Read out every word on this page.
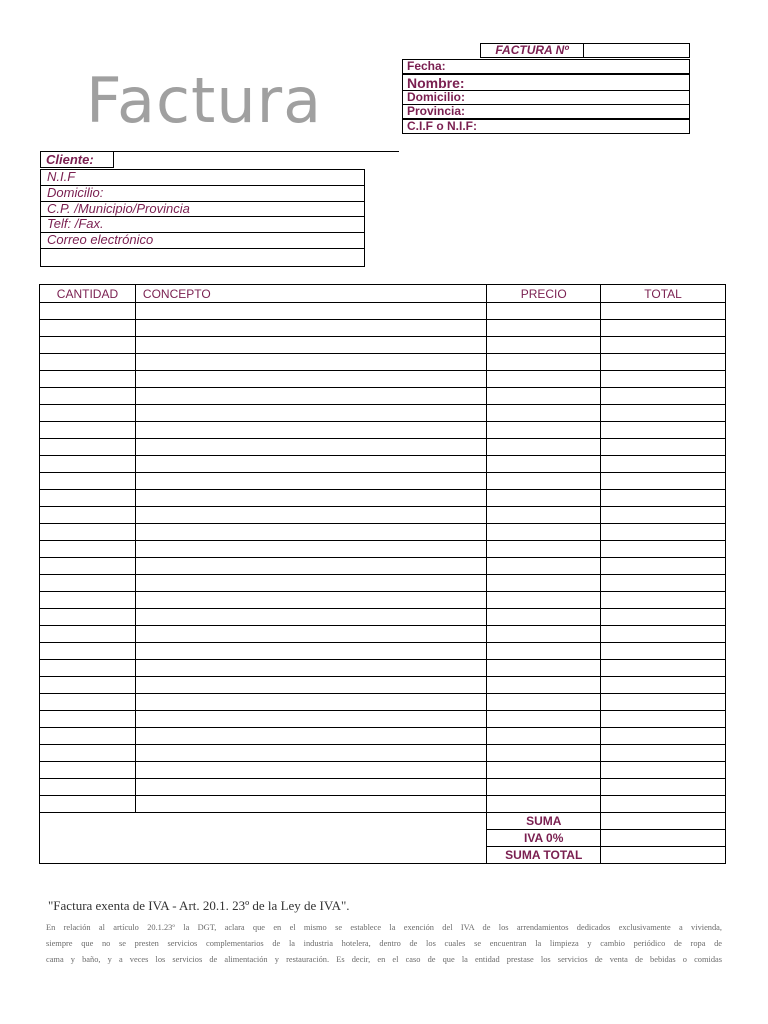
Factura
FACTURA Nº
Fecha:
Nombre:
Domicilio:
Provincia:
C.I.F o N.I.F:
Cliente:
N.I.F
Domicilio:
C.P. /Municipio/Provincia
Telf: /Fax.
Correo electrónico
CANTIDAD	CONCEPTO	PRECIO	TOTAL

		SUMA	
		IVA 0%	
		SUMA TOTAL	
"Factura exenta de IVA - Art. 20.1. 23º de la Ley de IVA".
En relación al artículo 20.1.23º la DGT, aclara que en el mismo se establece la exención del IVA de los arrendamientos dedicados exclusivamente a vivienda,
siempre que no se presten servicios complementarios de la industria hotelera, dentro de los cuales se encuentran la limpieza y cambio periódico de ropa de
cama y baño, y a veces los servicios de alimentación y restauración. Es decir, en el caso de que la entidad prestase los servicios de venta de bebidas o comidas
